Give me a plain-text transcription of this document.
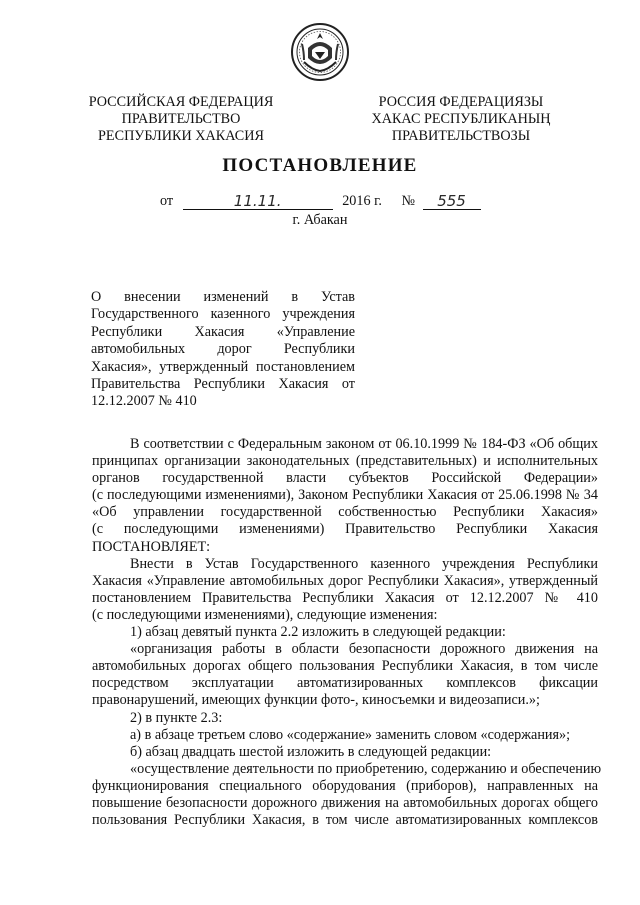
РОССИЙСКАЯ ФЕДЕРАЦИЯ
ПРАВИТЕЛЬСТВО
РЕСПУБЛИКИ ХАКАСИЯ
РОССИЯ ФЕДЕРАЦИЯЗЫ
ХАКАС РЕСПУБЛИКАНЫҢ
ПРАВИТЕЛЬСТВОЗЫ
ПОСТАНОВЛЕНИЕ
от	11.11.	2016 г. № 555
г. Абакан
О внесении изменений в Устав
Государственного казенного учреждения
Республики Хакасия «Управление
автомобильных дорог Республики
Хакасия», утвержденный постановлением
Правительства Республики Хакасия от
12.12.2007 № 410
В соответствии с Федеральным законом от 06.10.1999 № 184-ФЗ «Об общих
принципах организации законодательных (представительных) и исполнительных
органов государственной власти субъектов Российской Федерации»
(с последующими изменениями), Законом Республики Хакасия от 25.06.1998 № 34
«Об управлении государственной собственностью Республики Хакасия»
(с последующими изменениями) Правительство Республики Хакасия
ПОСТАНОВЛЯЕТ:
Внести в Устав Государственного казенного учреждения Республики
Хакасия «Управление автомобильных дорог Республики Хакасия», утвержденный
постановлением Правительства Республики Хакасия от 12.12.2007 № 410
(с последующими изменениями), следующие изменения:
1) абзац девятый пункта 2.2 изложить в следующей редакции:
«организация работы в области безопасности дорожного движения на
автомобильных дорогах общего пользования Республики Хакасия, в том числе
посредством эксплуатации автоматизированных комплексов фиксации
правонарушений, имеющих функции фото-, киносъемки и видеозаписи.»;
2) в пункте 2.3:
а) в абзаце третьем слово «содержание» заменить словом «содержания»;
б) абзац двадцать шестой изложить в следующей редакции:
«осуществление деятельности по приобретению, содержанию и обеспечению
функционирования специального оборудования (приборов), направленных на
повышение безопасности дорожного движения на автомобильных дорогах общего
пользования Республики Хакасия, в том числе автоматизированных комплексов
